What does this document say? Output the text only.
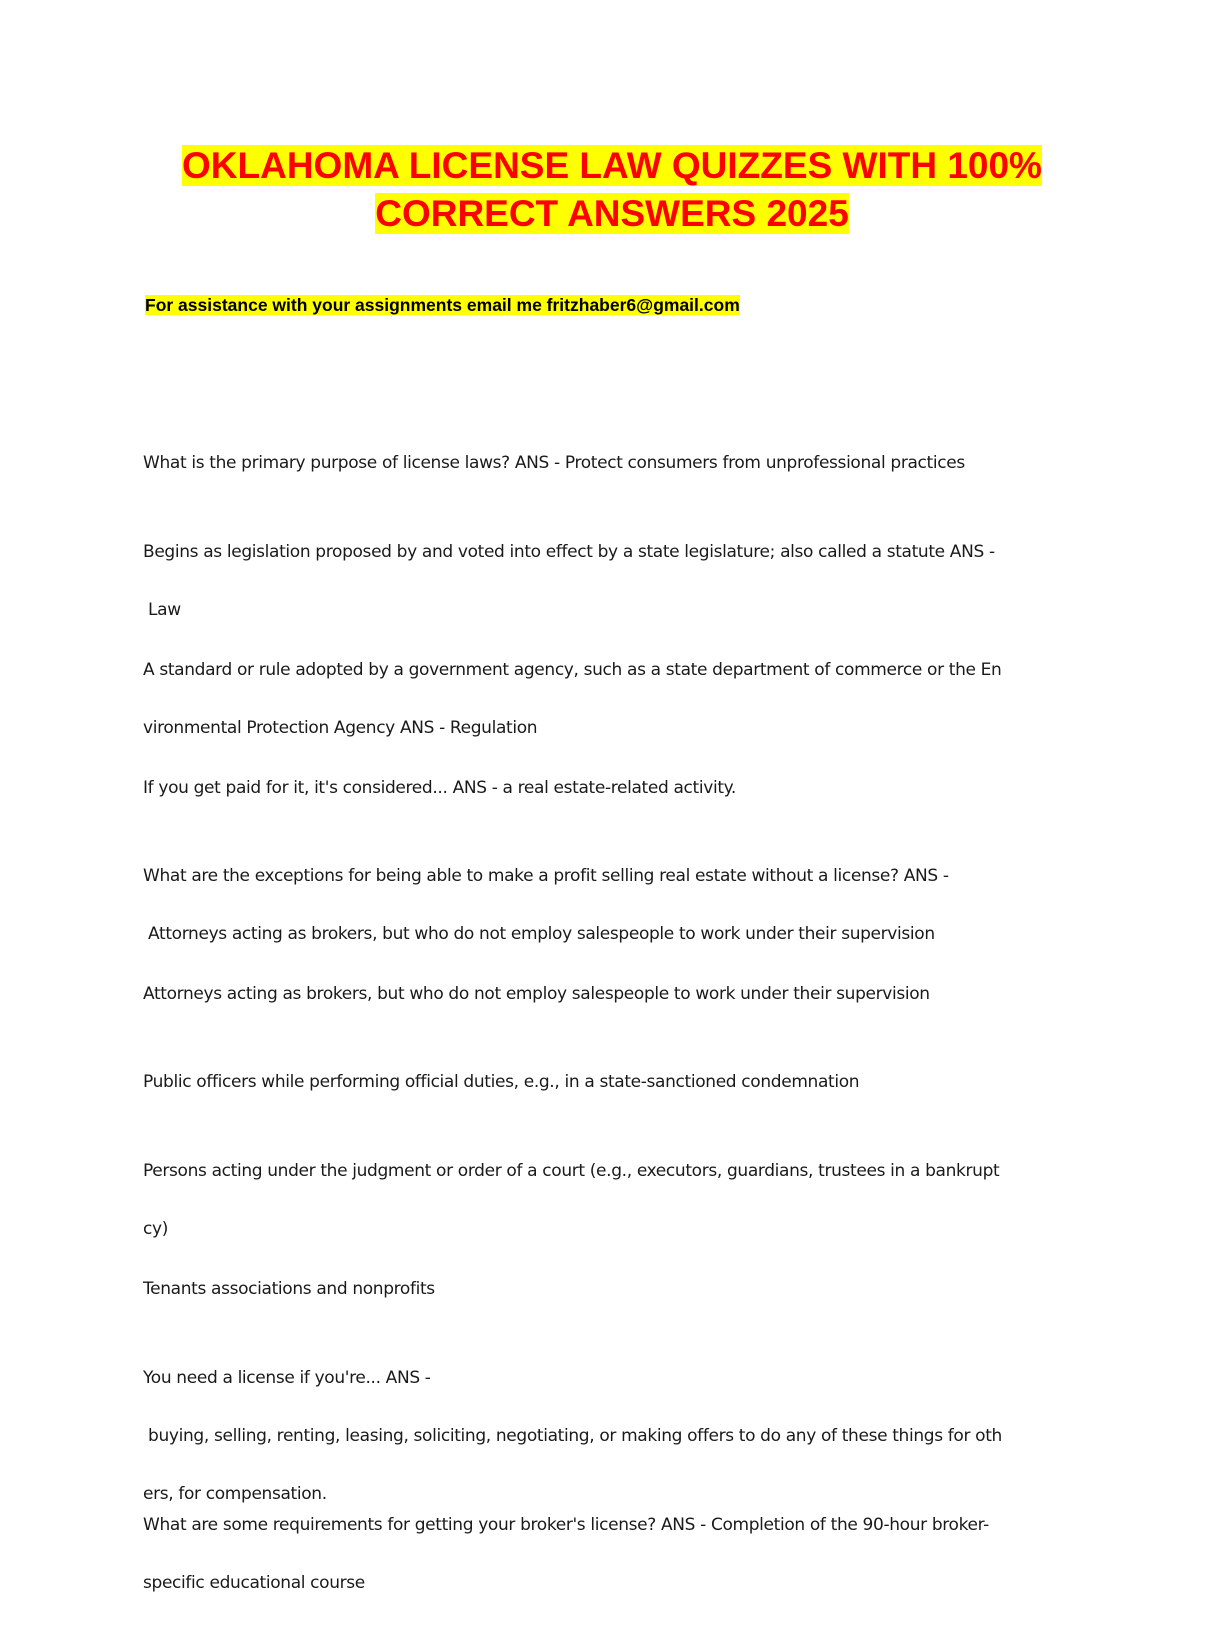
OKLAHOMA LICENSE LAW QUIZZES WITH 100%

CORRECT ANSWERS 2025

For assistance with your assignments email me fritzhaber6@gmail.com

What is the primary purpose of license laws? ANS - Protect consumers from unprofessional practices

Begins as legislation proposed by and voted into effect by a state legislature; also called a statute ANS -

Law

A standard or rule adopted by a government agency, such as a state department of commerce or the En

vironmental Protection Agency ANS - Regulation

If you get paid for it, it's considered... ANS - a real estate-related activity.

What are the exceptions for being able to make a profit selling real estate without a license? ANS -

Attorneys acting as brokers, but who do not employ salespeople to work under their supervision

Attorneys acting as brokers, but who do not employ salespeople to work under their supervision

Public officers while performing official duties, e.g., in a state-sanctioned condemnation

Persons acting under the judgment or order of a court (e.g., executors, guardians, trustees in a bankrupt

cy)

Tenants associations and nonprofits

You need a license if you're... ANS -

buying, selling, renting, leasing, soliciting, negotiating, or making offers to do any of these things for oth

ers, for compensation.

What are some requirements for getting your broker's license? ANS - Completion of the 90-hour broker-

specific educational course
